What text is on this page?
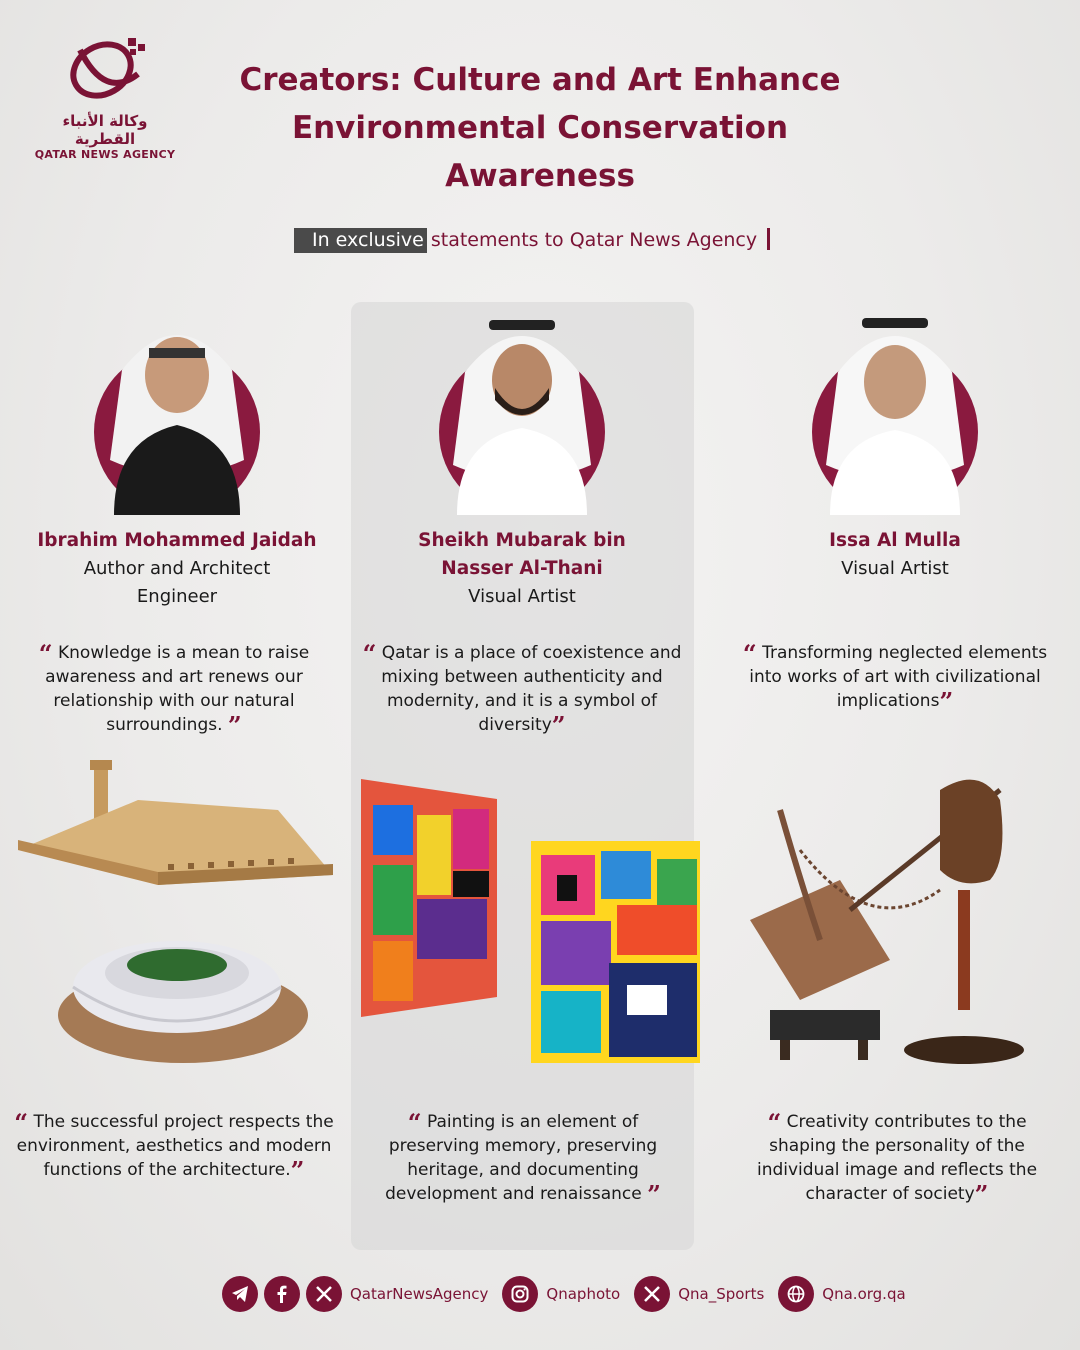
وكالة الأنباء القطرية
QATAR NEWS AGENCY
Creators: Culture and Art Enhance
Environmental Conservation
Awareness
In exclusive statements to Qatar News Agency
Ibrahim Mohammed Jaidah
Author and Architect Engineer
Sheikh Mubarak bin Nasser Al-Thani
Visual Artist
Issa Al Mulla
Visual Artist
“ Knowledge is a mean to raise awareness and art renews our relationship with our natural surroundings. ”
“ Qatar is a place of coexistence and mixing between authenticity and modernity, and it is a symbol of diversity”
“ Transforming neglected elements into works of art with civilizational implications”
“ The successful project respects the environment, aesthetics and modern functions of the architecture.”
“ Painting is an element of preserving memory, preserving heritage, and documenting development and renaissance ”
“ Creativity contributes to the shaping the personality of the individual image and reflects the character of society”
QatarNewsAgency	Qnaphoto	Qna_Sports	Qna.org.qa
